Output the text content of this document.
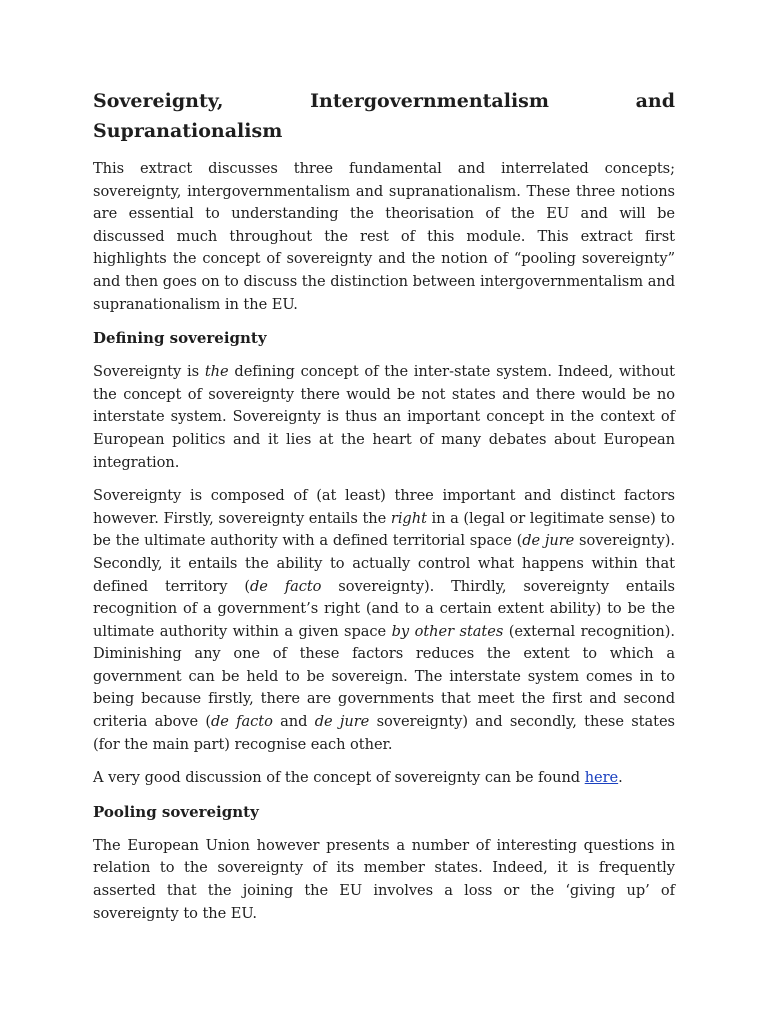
Sovereignty,	Intergovernmentalism	and
Supranationalism

This extract discusses three fundamental and interrelated concepts; sovereignty, intergovernmentalism and supranationalism. These three notions are essential to understanding the theorisation of the EU and will be discussed much throughout the rest of this module. This extract first highlights the concept of sovereignty and the notion of “pooling sovereignty” and then goes on to discuss the distinction between intergovernmentalism and supranationalism in the EU.

Defining sovereignty

Sovereignty is the defining concept of the inter-state system. Indeed, without the concept of sovereignty there would be not states and there would be no interstate system. Sovereignty is thus an important concept in the context of European politics and it lies at the heart of many debates about European integration.

Sovereignty is composed of (at least) three important and distinct factors however. Firstly, sovereignty entails the right in a (legal or legitimate sense) to be the ultimate authority with a defined territorial space (de jure sovereignty). Secondly, it entails the ability to actually control what happens within that defined territory (de facto sovereignty). Thirdly, sovereignty entails recognition of a government’s right (and to a certain extent ability) to be the ultimate authority within a given space by other states (external recognition). Diminishing any one of these factors reduces the extent to which a government can be held to be sovereign. The interstate system comes in to being because firstly, there are governments that meet the first and second criteria above (de facto and de jure sovereignty) and secondly, these states (for the main part) recognise each other.

A very good discussion of the concept of sovereignty can be found here.

Pooling sovereignty

The European Union however presents a number of interesting questions in relation to the sovereignty of its member states. Indeed, it is frequently asserted that the joining the EU involves a loss or the ‘giving up’ of sovereignty to the EU.
